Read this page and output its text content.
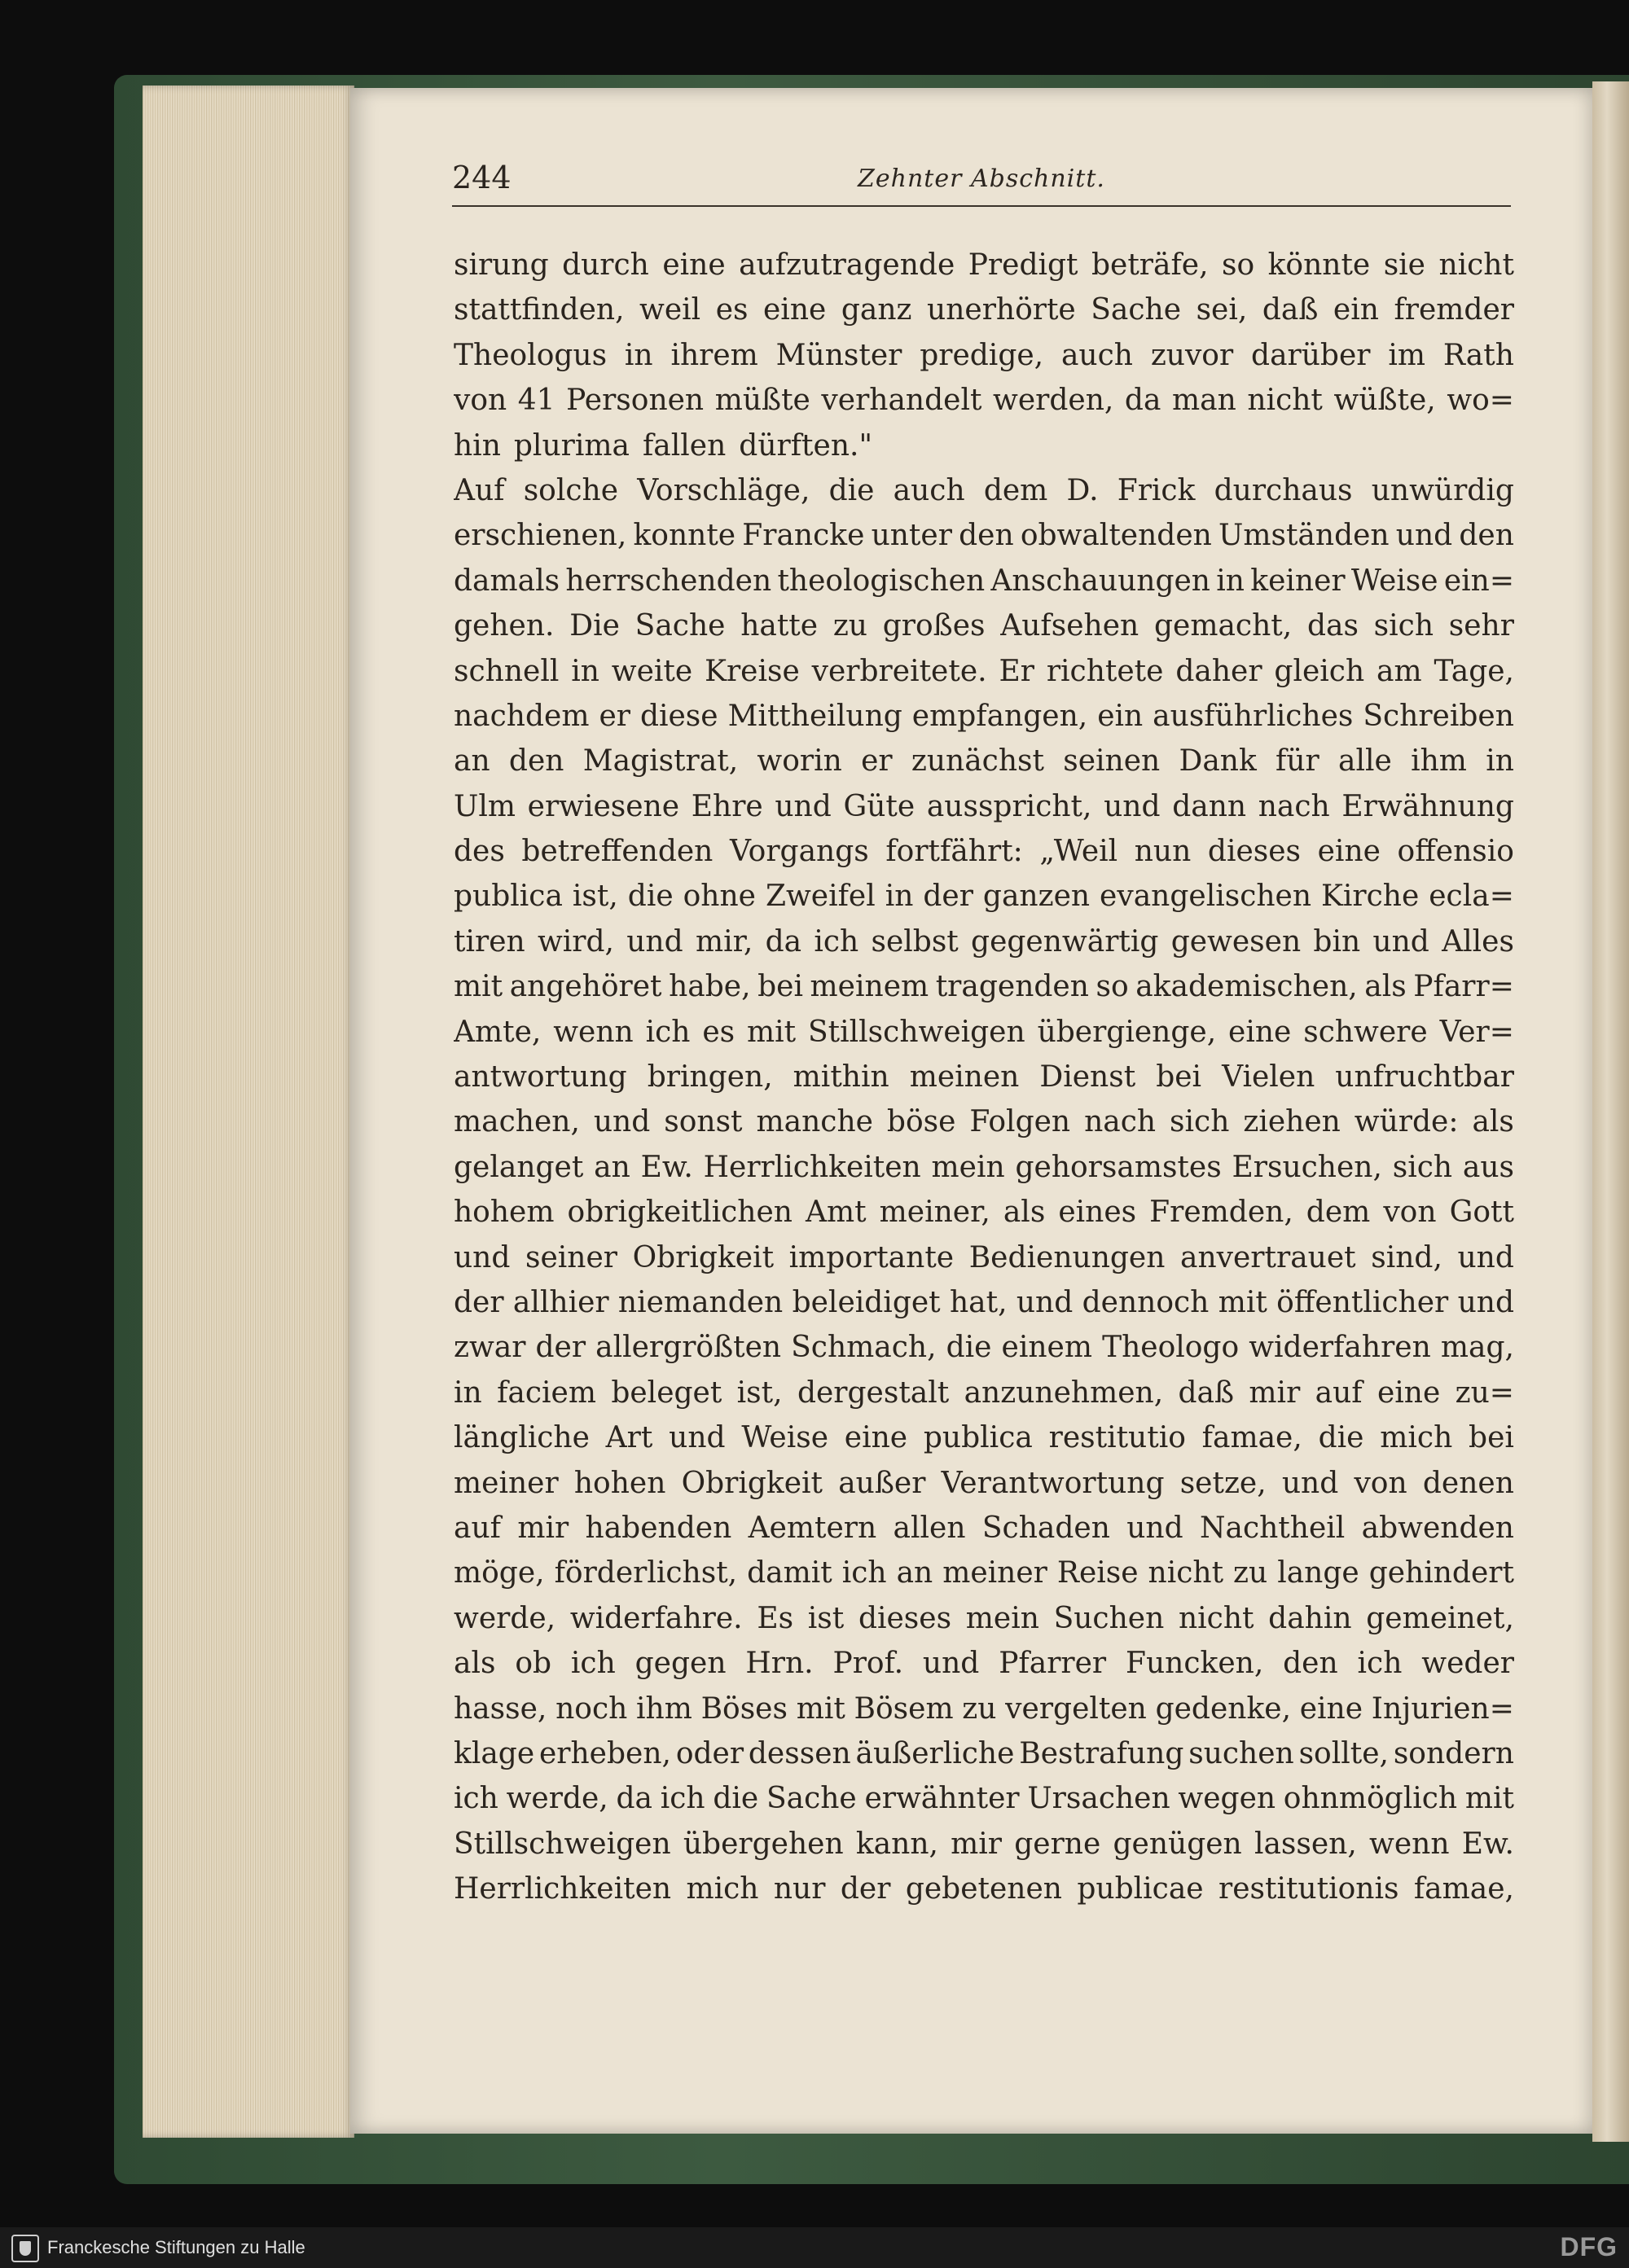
244	Zehnter Abschnitt.
sirung durch eine aufzutragende Predigt beträfe, so könnte sie nicht
stattfinden, weil es eine ganz unerhörte Sache sei, daß ein fremder
Theologus in ihrem Münster predige, auch zuvor darüber im Rath
von 41 Personen müßte verhandelt werden, da man nicht wüßte, wo=
hin plurima fallen dürften."
Auf solche Vorschläge, die auch dem D. Frick durchaus unwürdig
erschienen, konnte Francke unter den obwaltenden Umständen und den
damals herrschenden theologischen Anschauungen in keiner Weise ein=
gehen. Die Sache hatte zu großes Aufsehen gemacht, das sich sehr
schnell in weite Kreise verbreitete. Er richtete daher gleich am Tage,
nachdem er diese Mittheilung empfangen, ein ausführliches Schreiben
an den Magistrat, worin er zunächst seinen Dank für alle ihm in
Ulm erwiesene Ehre und Güte ausspricht, und dann nach Erwähnung
des betreffenden Vorgangs fortfährt: „Weil nun dieses eine offensio
publica ist, die ohne Zweifel in der ganzen evangelischen Kirche ecla=
tiren wird, und mir, da ich selbst gegenwärtig gewesen bin und Alles
mit angehöret habe, bei meinem tragenden so akademischen, als Pfarr=
Amte, wenn ich es mit Stillschweigen übergienge, eine schwere Ver=
antwortung bringen, mithin meinen Dienst bei Vielen unfruchtbar
machen, und sonst manche böse Folgen nach sich ziehen würde: als
gelanget an Ew. Herrlichkeiten mein gehorsamstes Ersuchen, sich aus
hohem obrigkeitlichen Amt meiner, als eines Fremden, dem von Gott
und seiner Obrigkeit importante Bedienungen anvertrauet sind, und
der allhier niemanden beleidiget hat, und dennoch mit öffentlicher und
zwar der allergrößten Schmach, die einem Theologo widerfahren mag,
in faciem beleget ist, dergestalt anzunehmen, daß mir auf eine zu=
längliche Art und Weise eine publica restitutio famae, die mich bei
meiner hohen Obrigkeit außer Verantwortung setze, und von denen
auf mir habenden Aemtern allen Schaden und Nachtheil abwenden
möge, förderlichst, damit ich an meiner Reise nicht zu lange gehindert
werde, widerfahre. Es ist dieses mein Suchen nicht dahin gemeinet,
als ob ich gegen Hrn. Prof. und Pfarrer Funcken, den ich weder
hasse, noch ihm Böses mit Bösem zu vergelten gedenke, eine Injurien=
klage erheben, oder dessen äußerliche Bestrafung suchen sollte, sondern
ich werde, da ich die Sache erwähnter Ursachen wegen ohnmöglich mit
Stillschweigen übergehen kann, mir gerne genügen lassen, wenn Ew.
Herrlichkeiten mich nur der gebetenen publicae restitutionis famae,
Franckesche Stiftungen zu Halle	DFG
